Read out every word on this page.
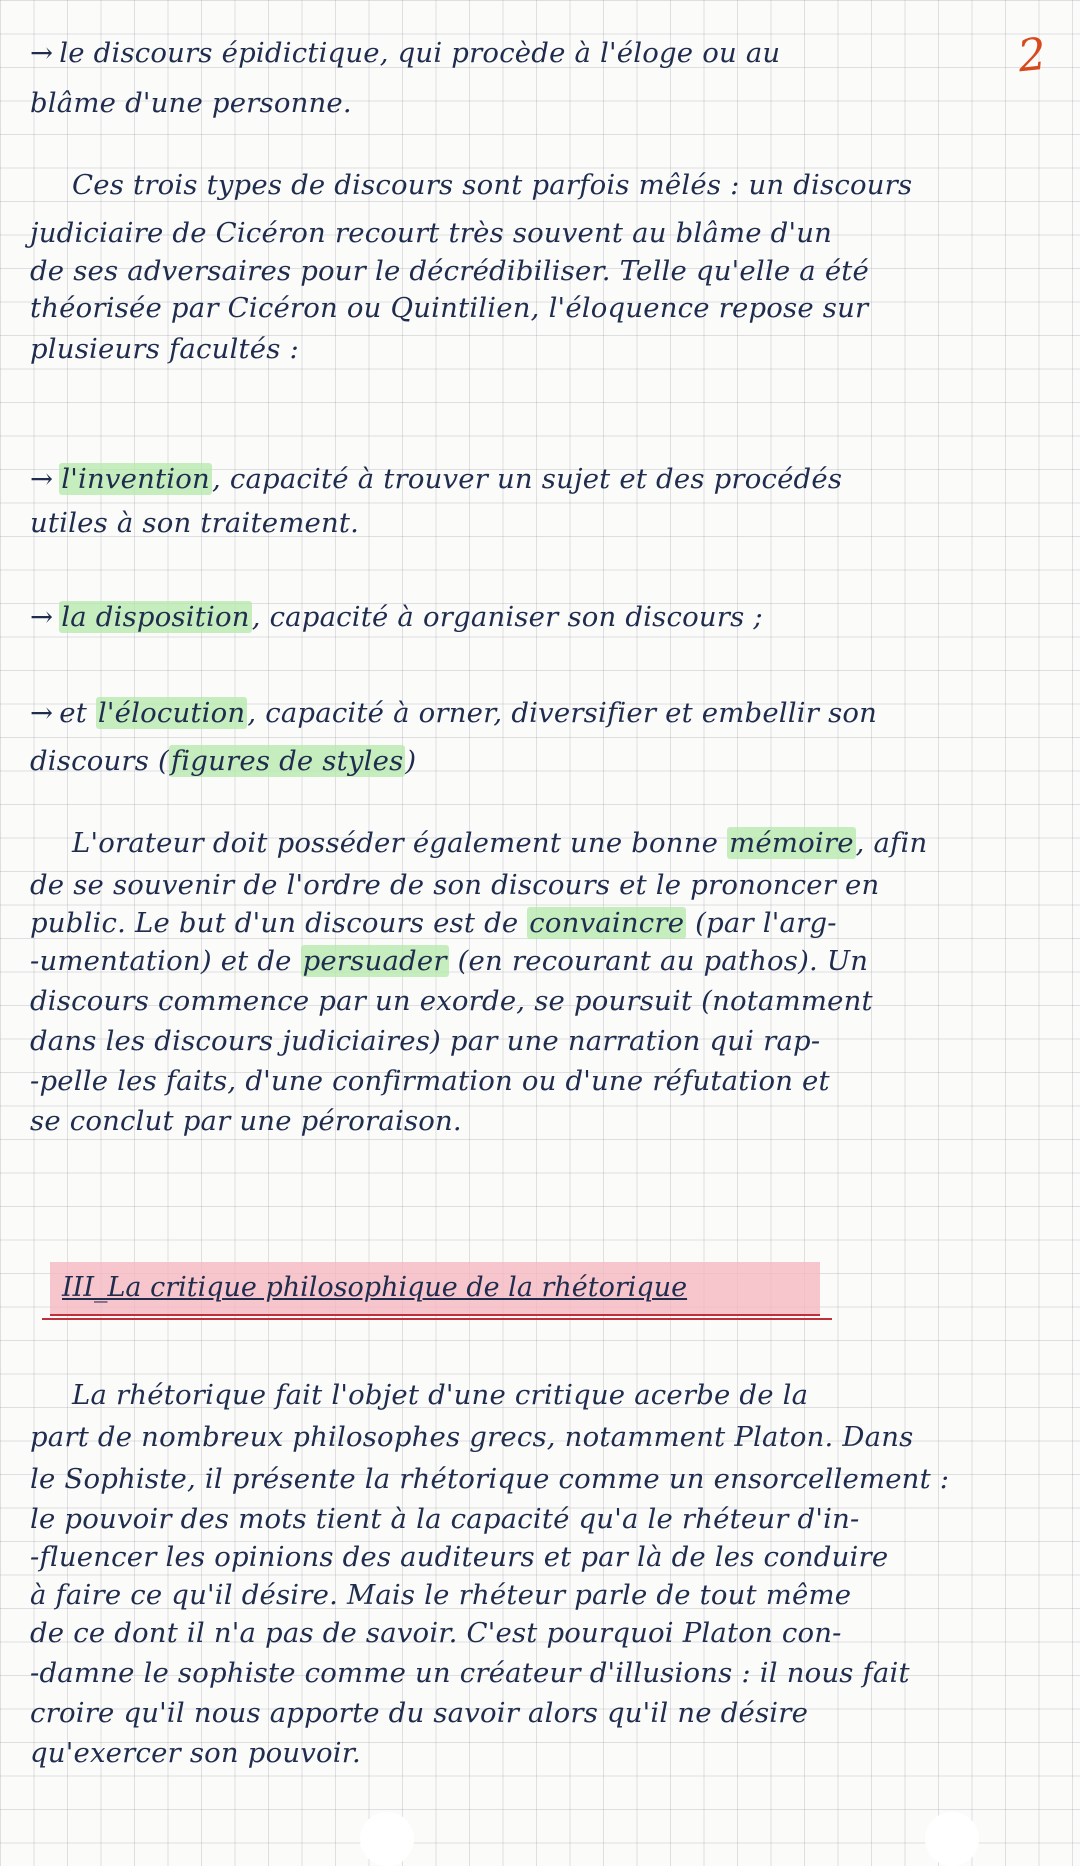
2
→ le discours épidictique, qui procède à l'éloge ou au
blâme d'une personne.
Ces trois types de discours sont parfois mêlés : un discours
judiciaire de Cicéron recourt très souvent au blâme d'un
de ses adversaires pour le décrédibiliser. Telle qu'elle a été
théorisée par Cicéron ou Quintilien, l'éloquence repose sur
plusieurs facultés :
→ l'invention, capacité à trouver un sujet et des procédés
utiles à son traitement.
→ la disposition, capacité à organiser son discours ;
→ et l'élocution, capacité à orner, diversifier et embellir son
discours (figures de styles)
L'orateur doit posséder également une bonne mémoire, afin
de se souvenir de l'ordre de son discours et le prononcer en
public. Le but d'un discours est de convaincre (par l'arg-
-umentation) et de persuader (en recourant au pathos). Un
discours commence par un exorde, se poursuit (notamment
dans les discours judiciaires) par une narration qui rap-
-pelle les faits, d'une confirmation ou d'une réfutation et
se conclut par une péroraison.
III_La critique philosophique de la rhétorique
La rhétorique fait l'objet d'une critique acerbe de la
part de nombreux philosophes grecs, notamment Platon. Dans
le Sophiste, il présente la rhétorique comme un ensorcellement :
le pouvoir des mots tient à la capacité qu'a le rhéteur d'in-
-fluencer les opinions des auditeurs et par là de les conduire
à faire ce qu'il désire. Mais le rhéteur parle de tout même
de ce dont il n'a pas de savoir. C'est pourquoi Platon con-
-damne le sophiste comme un créateur d'illusions : il nous fait
croire qu'il nous apporte du savoir alors qu'il ne désire
qu'exercer son pouvoir.
